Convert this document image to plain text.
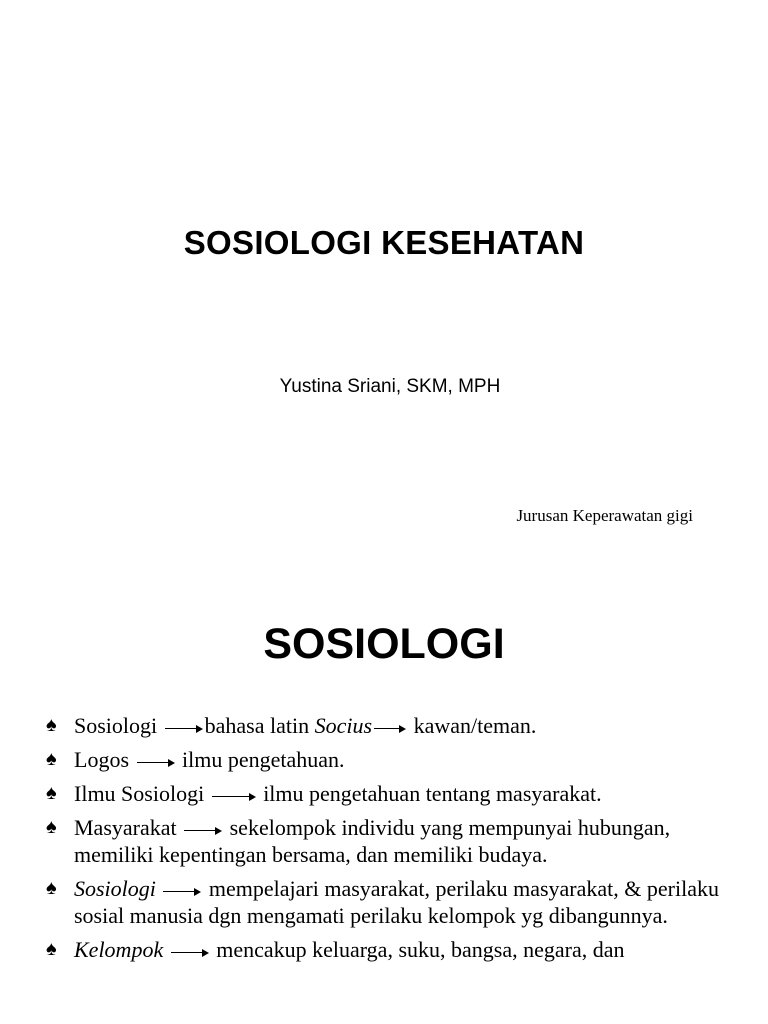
SOSIOLOGI KESEHATAN

Yustina Sriani, SKM, MPH

Jurusan Keperawatan gigi

SOSIOLOGI
♠ Sosiologi bahasa latin Socius kawan/teman.
♠ Logos ilmu pengetahuan.
♠ Ilmu Sosiologi	ilmu pengetahuan tentang masyarakat.
♠ Masyarakat sekelompok individu yang mempunyai hubungan, memiliki kepentingan bersama, dan memiliki budaya.
♠ Sosiologi mempelajari masyarakat, perilaku masyarakat, & perilaku sosial manusia dgn mengamati perilaku kelompok yg dibangunnya.
♠ Kelompok mencakup keluarga, suku, bangsa, negara, dan
